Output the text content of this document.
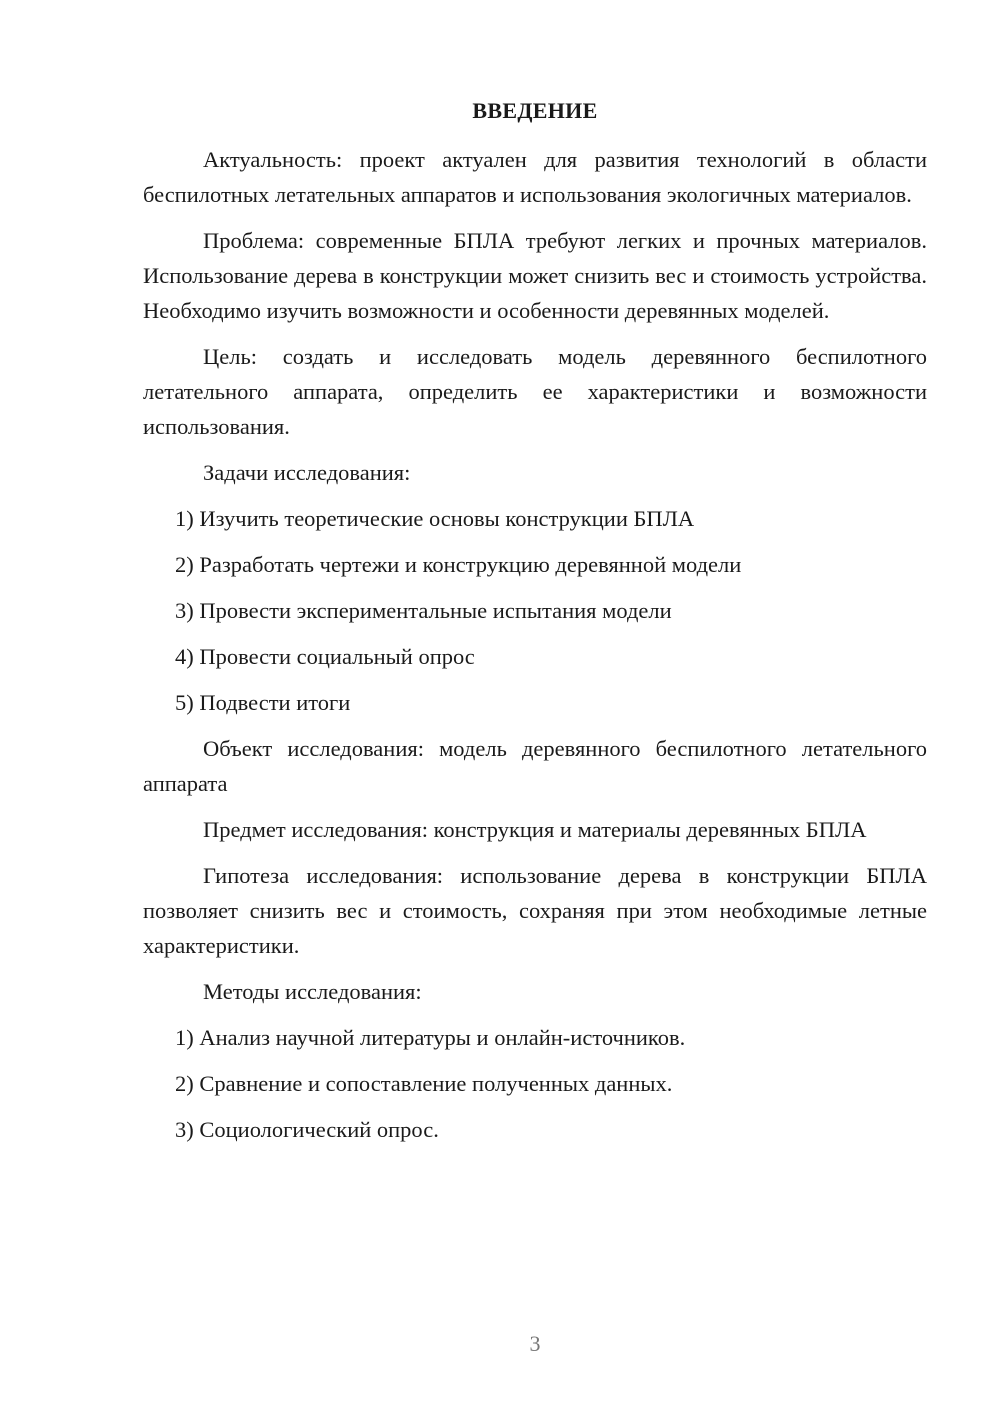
ВВЕДЕНИЕ

Актуальность: проект актуален для развития технологий в области беспилотных летательных аппаратов и использования экологичных материалов.

Проблема: современные БПЛА требуют легких и прочных материалов. Использование дерева в конструкции может снизить вес и стоимость устройства. Необходимо изучить возможности и особенности деревянных моделей.

Цель: создать и исследовать модель деревянного беспилотного летательного аппарата, определить ее характеристики и возможности использования.

Задачи исследования:

1) Изучить теоретические основы конструкции БПЛА
2) Разработать чертежи и конструкцию деревянной модели
3) Провести экспериментальные испытания модели
4) Провести социальный опрос
5) Подвести итоги

Объект исследования: модель деревянного беспилотного летательного аппарата

Предмет исследования: конструкция и материалы деревянных БПЛА

Гипотеза исследования: использование дерева в конструкции БПЛА позволяет снизить вес и стоимость, сохраняя при этом необходимые летные характеристики.

Методы исследования:

1) Анализ научной литературы и онлайн-источников.
2) Сравнение и сопоставление полученных данных.
3) Социологический опрос.
3
